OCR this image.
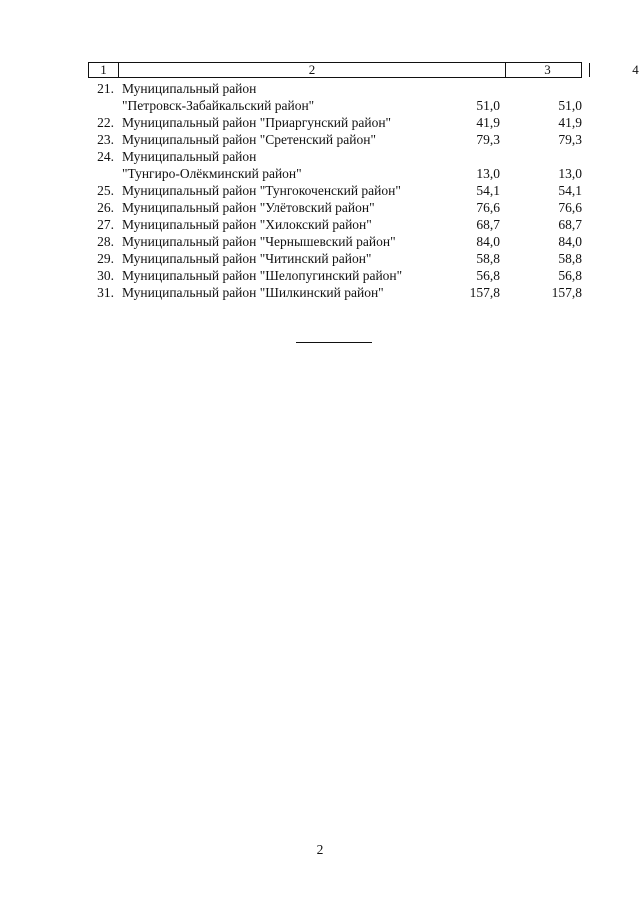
1	2	3	4
21. Муниципальный район
"Петровск-Забайкальский район"	51,0	51,0
22. Муниципальный район "Приаргунский район"	41,9	41,9
23. Муниципальный район "Сретенский район"	79,3	79,3
24. Муниципальный район
"Тунгиро-Олёкминский район"	13,0	13,0
25. Муниципальный район "Тунгокоченский район"	54,1	54,1
26. Муниципальный район "Улётовский район"	76,6	76,6
27. Муниципальный район "Хилокский район"	68,7	68,7
28. Муниципальный район "Чернышевский район"	84,0	84,0
29. Муниципальный район "Читинский район"	58,8	58,8
30. Муниципальный район "Шелопугинский район"	56,8	56,8
31. Муниципальный район "Шилкинский район"	157,8	157,8
2
